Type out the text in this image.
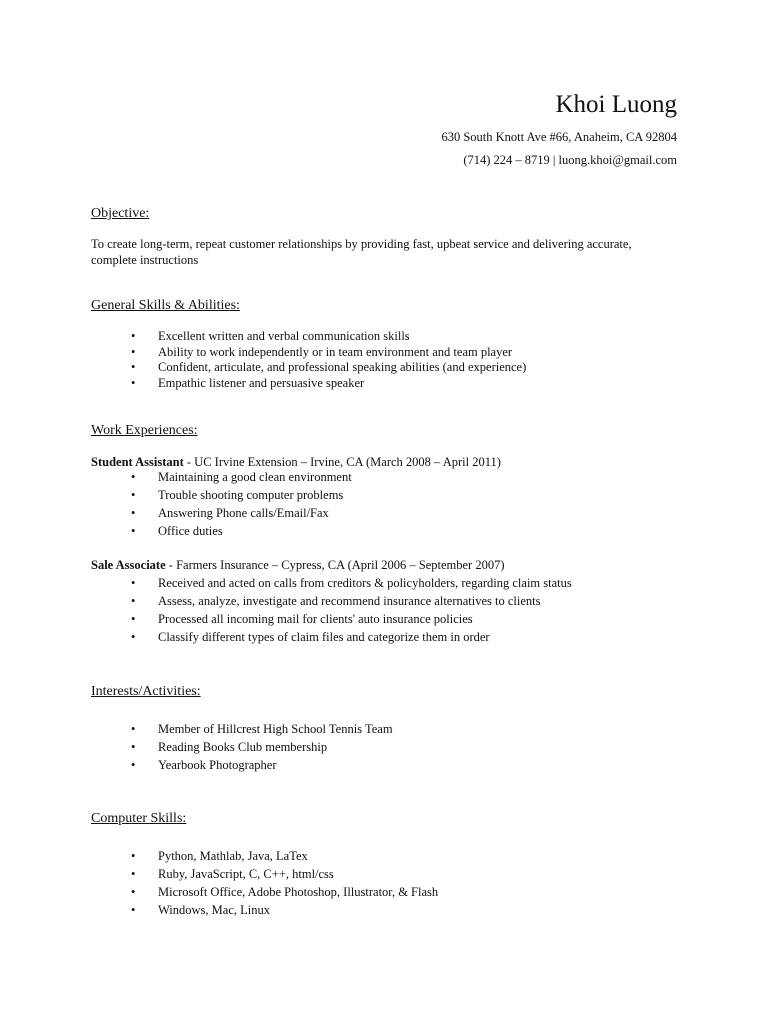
Khoi Luong
630 South Knott Ave #66, Anaheim, CA 92804
(714) 224 – 8719 | luong.khoi@gmail.com
Objective:

To create long-term, repeat customer relationships by providing fast, upbeat service and delivering accurate,

complete instructions

General Skills & Abilities:
• Excellent written and verbal communication skills
• Ability to work independently or in team environment and team player
• Confident, articulate, and professional speaking abilities (and experience)
• Empathic listener and persuasive speaker
Work Experiences:
Student Assistant - UC Irvine Extension – Irvine, CA (March 2008 – April 2011)
• Maintaining a good clean environment
• Trouble shooting computer problems
• Answering Phone calls/Email/Fax
• Office duties
Sale Associate - Farmers Insurance – Cypress, CA (April 2006 – September 2007)
• Received and acted on calls from creditors & policyholders, regarding claim status
• Assess, analyze, investigate and recommend insurance alternatives to clients
• Processed all incoming mail for clients' auto insurance policies
• Classify different types of claim files and categorize them in order
Interests/Activities:
• Member of Hillcrest High School Tennis Team
• Reading Books Club membership
• Yearbook Photographer
Computer Skills:
• Python, Mathlab, Java, LaTex
• Ruby, JavaScript, C, C++, html/css
• Microsoft Office, Adobe Photoshop, Illustrator, & Flash
• Windows, Mac, Linux
